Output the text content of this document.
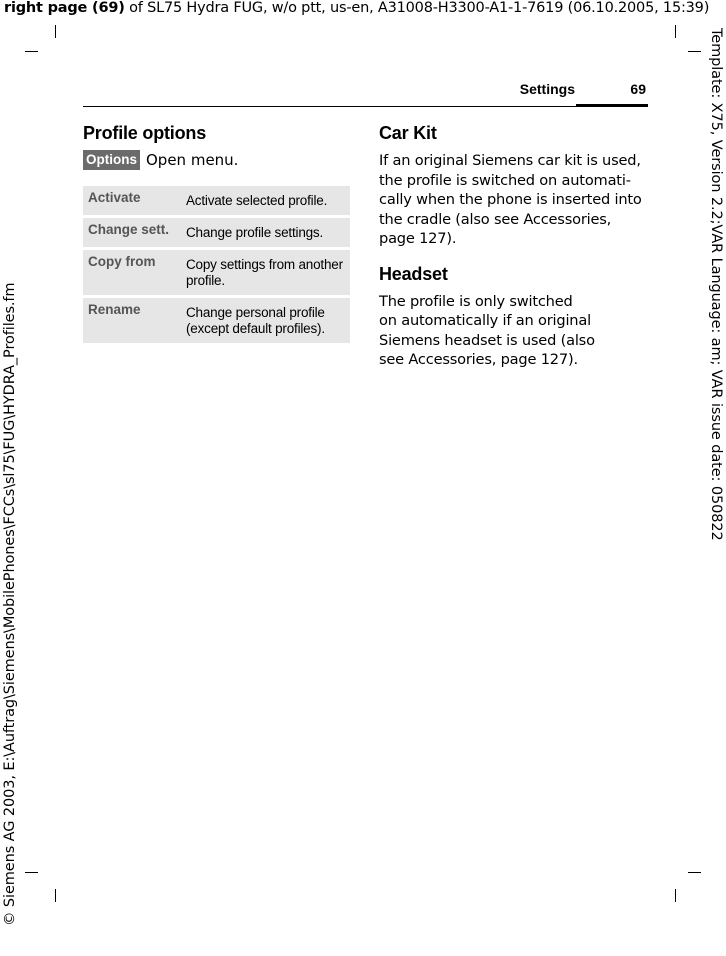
right page (69) of SL75 Hydra FUG, w/o ptt, us-en, A31008-H3300-A1-1-7619 (06.10.2005, 15:39)
© Siemens AG 2003, E:\Auftrag\Siemens\MobilePhones\FCCs\sl75\FUG\HYDRA_Profiles.fm	Template: X75, Version 2.2;VAR Language: am; VAR issue date: 050822
Settings	69
Profile options
Options Open menu.
Activate	Activate selected profile.
Change sett.	Change profile settings.
Copy from	Copy settings from another profile.
Rename	Change personal profile (except default profiles).
Car Kit

If an original Siemens car kit is used,
the profile is switched on automati-
cally when the phone is inserted into
the cradle (also see Accessories,
page 127).

Headset

The profile is only switched
on automatically if an original
Siemens headset is used (also
see Accessories, page 127).
